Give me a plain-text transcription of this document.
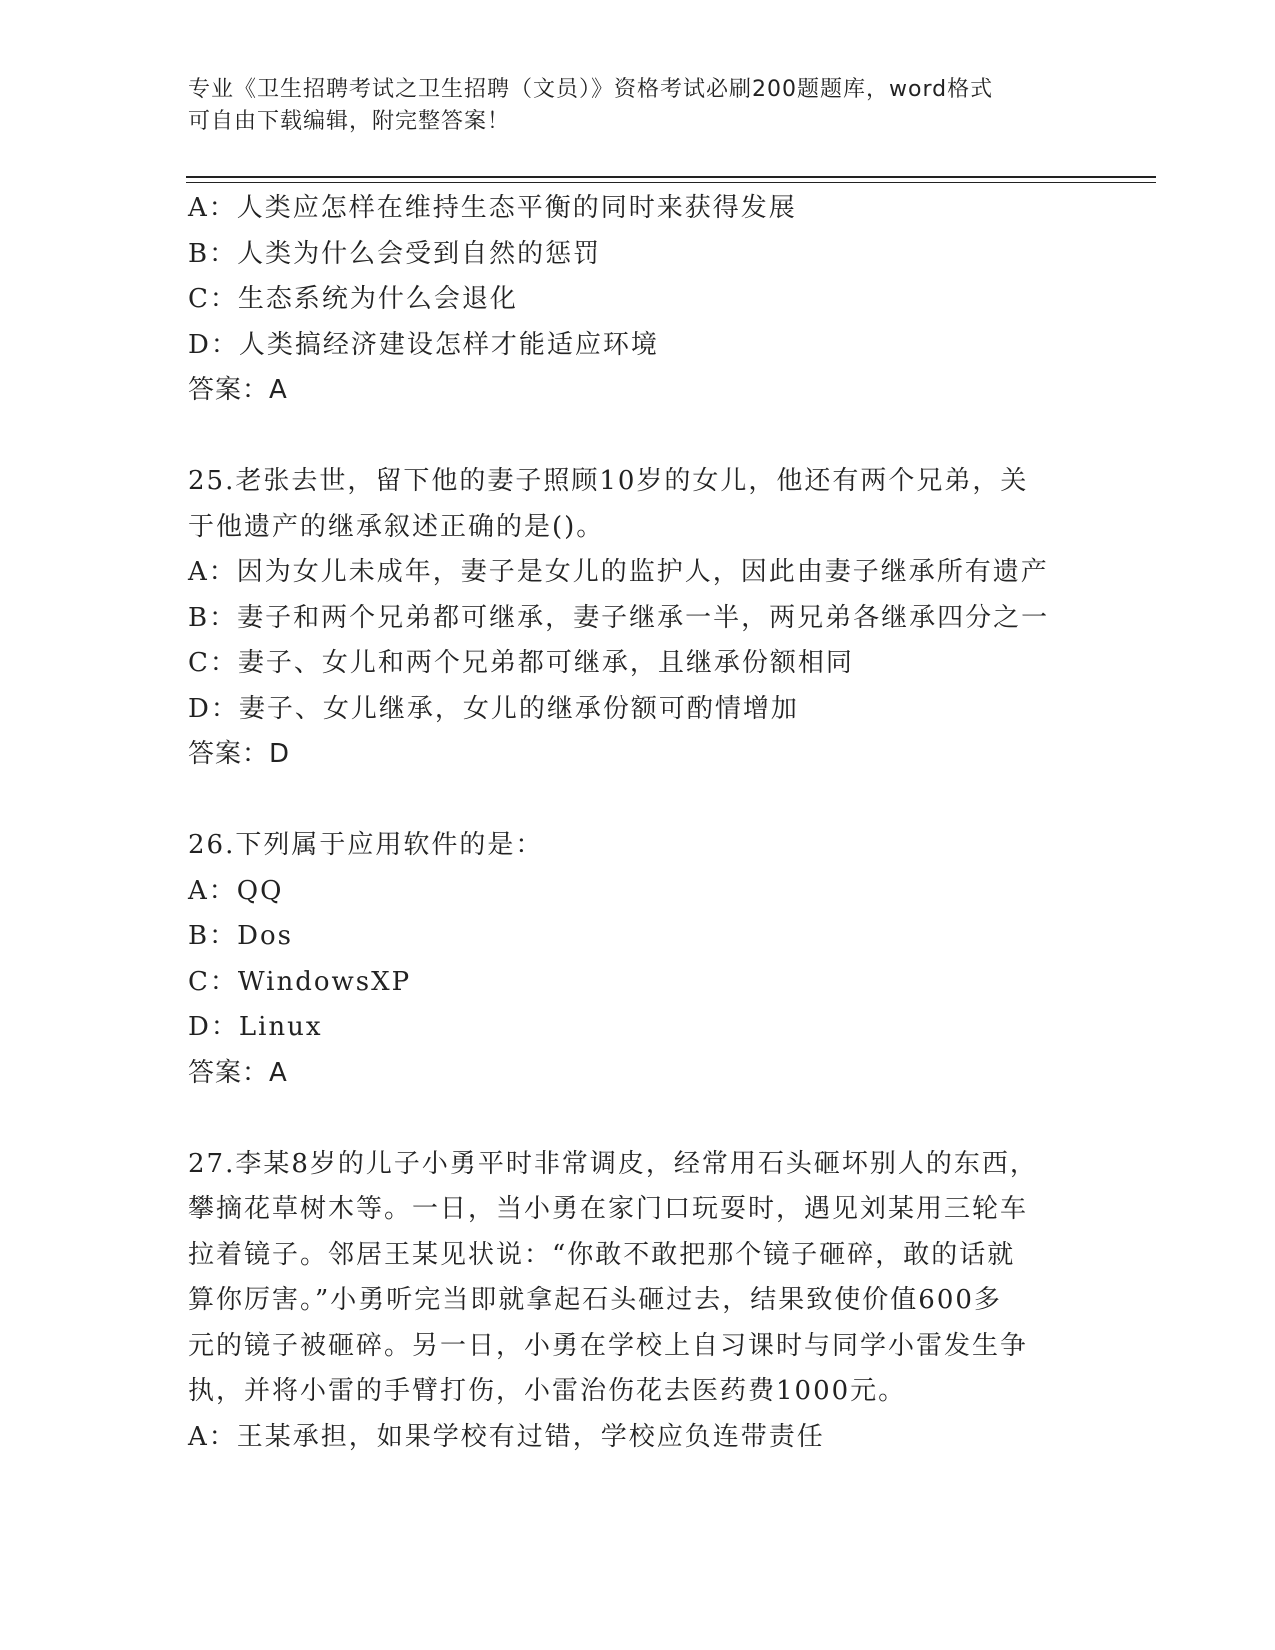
专业《卫生招聘考试之卫生招聘（文员）》资格考试必刷200题题库，word格式
可自由下载编辑，附完整答案！
A：人类应怎样在维持生态平衡的同时来获得发展
B：人类为什么会受到自然的惩罚
C：生态系统为什么会退化
D：人类搞经济建设怎样才能适应环境
答案：A
25.老张去世，留下他的妻子照顾10岁的女儿，他还有两个兄弟，关
于他遗产的继承叙述正确的是()。
A：因为女儿未成年，妻子是女儿的监护人，因此由妻子继承所有遗产
B：妻子和两个兄弟都可继承，妻子继承一半，两兄弟各继承四分之一
C：妻子、女儿和两个兄弟都可继承，且继承份额相同
D：妻子、女儿继承，女儿的继承份额可酌情增加
答案：D
26.下列属于应用软件的是：
A：QQ
B：Dos
C：WindowsXP
D：Linux
答案：A
27.李某8岁的儿子小勇平时非常调皮，经常用石头砸坏别人的东西，
攀摘花草树木等。一日，当小勇在家门口玩耍时，遇见刘某用三轮车
拉着镜子。邻居王某见状说：“你敢不敢把那个镜子砸碎，敢的话就
算你厉害。”小勇听完当即就拿起石头砸过去，结果致使价值600多
元的镜子被砸碎。另一日，小勇在学校上自习课时与同学小雷发生争
执，并将小雷的手臂打伤，小雷治伤花去医药费1000元。
A：王某承担，如果学校有过错，学校应负连带责任
